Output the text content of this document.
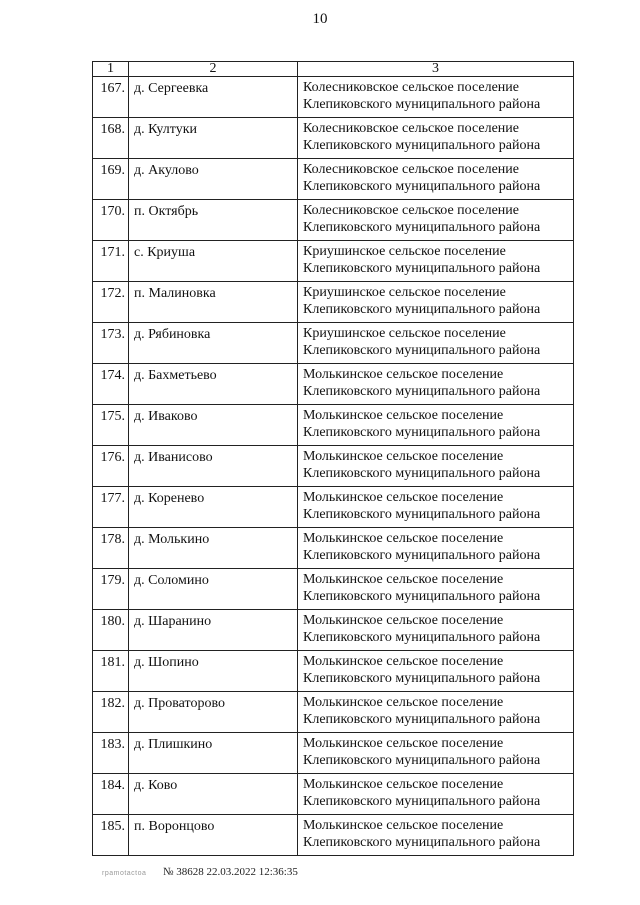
10
1	2	3
167.	д. Сергеевка	Колесниковское сельское поселение
Клепиковского муниципального района

168.	д. Култуки	Колесниковское сельское поселение
Клепиковского муниципального района

169.	д. Акулово	Колесниковское сельское поселение
Клепиковского муниципального района

170.	п. Октябрь	Колесниковское сельское поселение
Клепиковского муниципального района

171.	с. Криуша	Криушинское сельское поселение
Клепиковского муниципального района

172.	п. Малиновка	Криушинское сельское поселение
Клепиковского муниципального района

173.	д. Рябиновка	Криушинское сельское поселение
Клепиковского муниципального района

174.	д. Бахметьево	Молькинское сельское поселение
Клепиковского муниципального района

175.	д. Иваково	Молькинское сельское поселение
Клепиковского муниципального района

176.	д. Иванисово	Молькинское сельское поселение
Клепиковского муниципального района

177.	д. Коренево	Молькинское сельское поселение
Клепиковского муниципального района

178.	д. Молькино	Молькинское сельское поселение
Клепиковского муниципального района

179.	д. Соломино	Молькинское сельское поселение
Клепиковского муниципального района

180.	д. Шаранино	Молькинское сельское поселение
Клепиковского муниципального района

181.	д. Шопино	Молькинское сельское поселение
Клепиковского муниципального района

182.	д. Проваторово	Молькинское сельское поселение
Клепиковского муниципального района

183.	д. Плишкино	Молькинское сельское поселение
Клепиковского муниципального района

184.	д. Ково	Молькинское сельское поселение
Клепиковского муниципального района

185.	п. Воронцово	Молькинское сельское поселение
Клепиковского муниципального района
rpamotactoa № 38628 22.03.2022 12:36:35
